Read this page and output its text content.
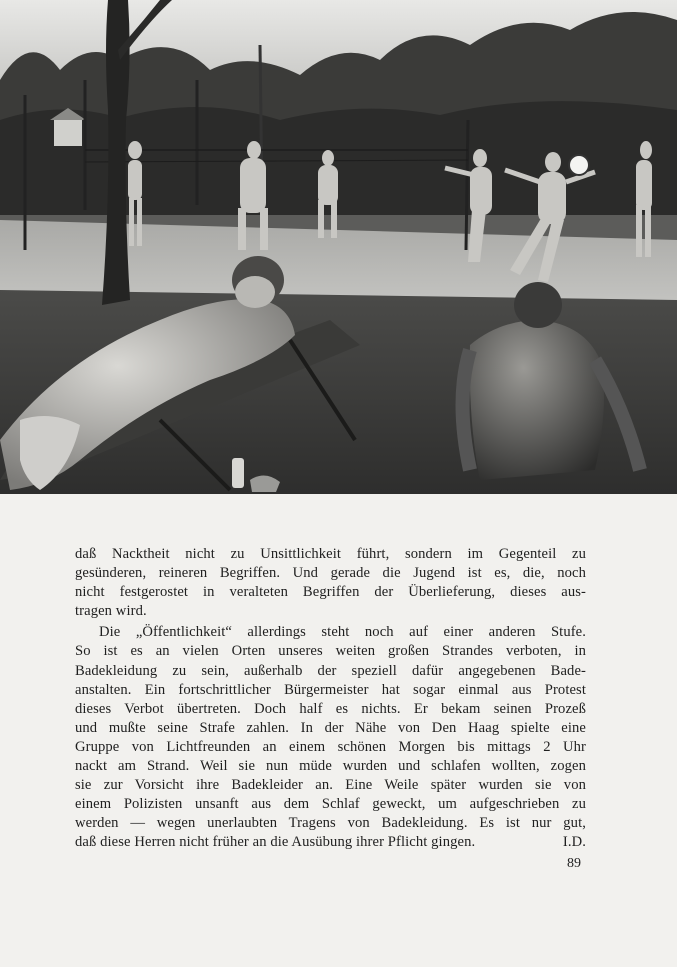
daß Nacktheit nicht zu Unsittlichkeit führt, sondern im Gegenteil zu
gesünderen, reineren Begriffen. Und gerade die Jugend ist es, die, noch
nicht festgerostet in veralteten Begriffen der Überlieferung, dieses aus-
tragen wird.

Die „Öffentlichkeit“ allerdings steht noch auf einer anderen Stufe.
So ist es an vielen Orten unseres weiten großen Strandes verboten, in
Badekleidung zu sein, außerhalb der speziell dafür angegebenen Bade-
anstalten. Ein fortschrittlicher Bürgermeister hat sogar einmal aus Protest
dieses Verbot übertreten. Doch half es nichts. Er bekam seinen Prozeß
und mußte seine Strafe zahlen. In der Nähe von Den Haag spielte eine
Gruppe von Lichtfreunden an einem schönen Morgen bis mittags 2 Uhr
nackt am Strand. Weil sie nun müde wurden und schlafen wollten, zogen
sie zur Vorsicht ihre Badekleider an. Eine Weile später wurden sie von
einem Polizisten unsanft aus dem Schlaf geweckt, um aufgeschrieben zu
werden — wegen unerlaubten Tragens von Badekleidung. Es ist nur gut,
daß diese Herren nicht früher an die Ausübung ihrer Pflicht gingen.	I.D.

89
